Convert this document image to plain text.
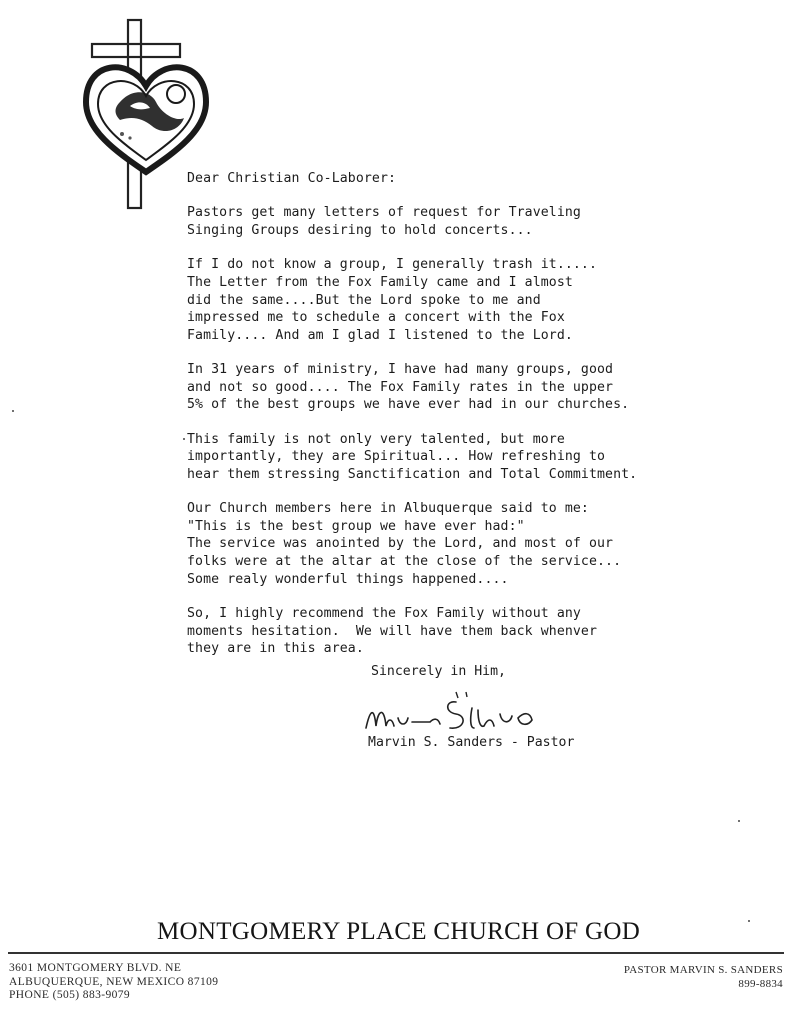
Dear Christian Co-Laborer:
Pastors get many letters of request for Traveling
Singing Groups desiring to hold concerts...
If I do not know a group, I generally trash it.....
The Letter from the Fox Family came and I almost
did the same....But the Lord spoke to me and
impressed me to schedule a concert with the Fox
Family.... And am I glad I listened to the Lord.
In 31 years of ministry, I have had many groups, good
and not so good.... The Fox Family rates in the upper
5% of the best groups we have ever had in our churches.
This family is not only very talented, but more
importantly, they are Spiritual... How refreshing to
hear them stressing Sanctification and Total Commitment.
Our Church members here in Albuquerque said to me:
"This is the best group we have ever had:"
The service was anointed by the Lord, and most of our
folks were at the altar at the close of the service...
Some realy wonderful things happened....
So, I highly recommend the Fox Family without any
moments hesitation.  We will have them back whenver
they are in this area.
Sincerely in Him,
Marvin S. Sanders - Pastor
MONTGOMERY PLACE CHURCH OF GOD
3601 MONTGOMERY BLVD. NE
ALBUQUERQUE, NEW MEXICO 87109
PHONE (505) 883-9079
PASTOR MARVIN S. SANDERS
899-8834
